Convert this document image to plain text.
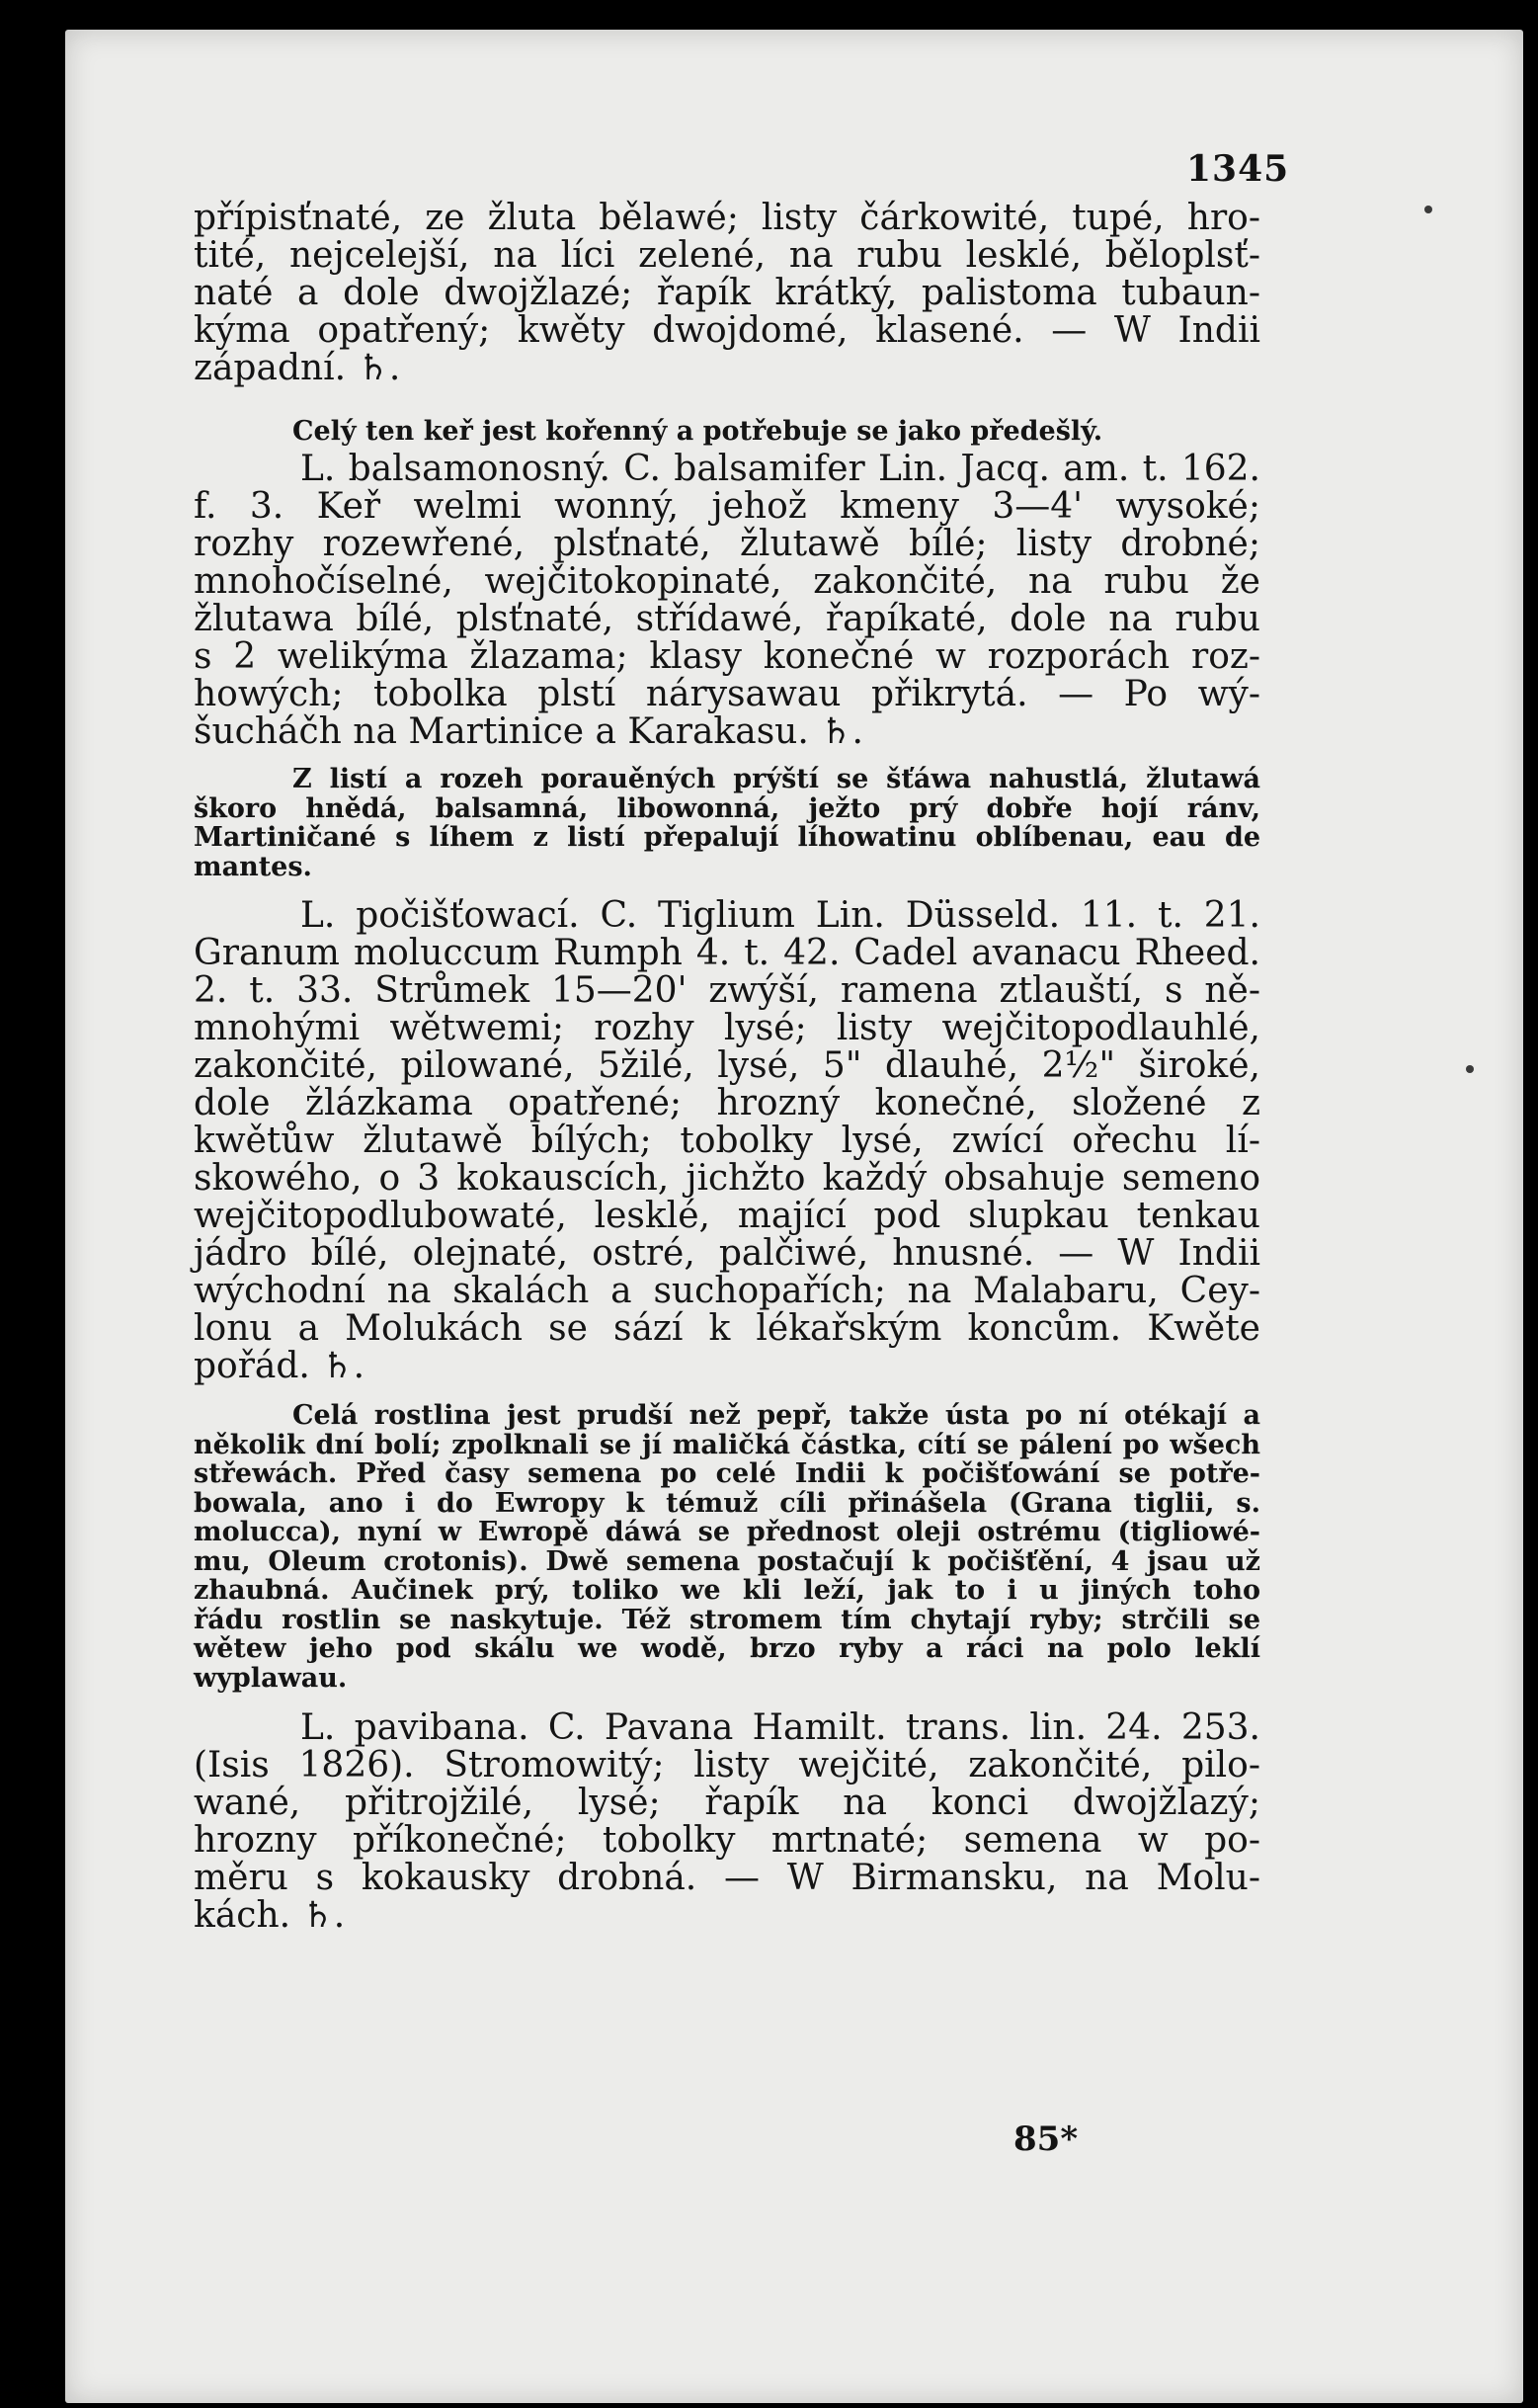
1345
přípisťnaté, ze žluta bělawé; listy čárkowité, tupé, hro-
tité, nejcelejší, na líci zelené, na rubu lesklé, běloplsť-
naté a dole dwojžlazé; řapík krátký, palistoma tubaun-
kýma opatřený; kwěty dwojdomé, klasené. — W Indii
západní. ♄.
Celý ten keř jest kořenný a potřebuje se jako předešlý.
L. balsamonosný. C. balsamifer Lin. Jacq. am. t. 162.
f. 3. Keř welmi wonný, jehož kmeny 3—4' wysoké;
rozhy rozewřené, plsťnaté, žlutawě bílé; listy drobné;
mnohočíselné, wejčitokopinaté, zakončité, na rubu že
žlutawa bílé, plsťnaté, střídawé, řapíkaté, dole na rubu
s 2 welikýma žlazama; klasy konečné w rozporách roz-
howých; tobolka plstí nárysawau přikrytá. — Po wý-
šucháčh na Martinice a Karakasu. ♄.
Z listí a rozeh porauěných prýští se šťáwa nahustlá, žlutawá
škoro hnědá, balsamná, libowonná, ježto prý dobře hojí ránv,
Martiničané s líhem z listí přepalují líhowatinu oblíbenau, eau de
mantes.
L. počišťowací. C. Tiglium Lin. Düsseld. 11. t. 21.
Granum moluccum Rumph 4. t. 42. Cadel avanacu Rheed.
2. t. 33. Strůmek 15—20' zwýší, ramena ztlauští, s ně-
mnohými wětwemi; rozhy lysé; listy wejčitopodlauhlé,
zakončité, pilowané, 5žilé, lysé, 5" dlauhé, 2½" široké,
dole žlázkama opatřené; hrozný konečné, složené z
kwětůw žlutawě bílých; tobolky lysé, zwící ořechu lí-
skowého, o 3 kokauscích, jichžto každý obsahuje semeno
wejčitopodlubowaté, lesklé, mající pod slupkau tenkau
jádro bílé, olejnaté, ostré, palčiwé, hnusné. — W Indii
wýchodní na skalách a suchopařích; na Malabaru, Cey-
lonu a Molukách se sází k lékařským koncům. Kwěte
pořád. ♄.
Celá rostlina jest prudší než pepř, takže ústa po ní otékají a
několik dní bolí; zpolknali se jí maličká částka, cítí se pálení po wšech
střewách. Před časy semena po celé Indii k počišťowání se potře-
bowala, ano i do Ewropy k témuž cíli přinášela (Grana tiglii, s.
moluccа), nyní w Ewropě dáwá se přednost oleji ostrému (tigliowé-
mu, Oleum crotonis). Dwě semena postačují k počišťění, 4 jsau už
zhaubná. Aučinek prý, toliko we kli leží, jak to i u jiných toho
řádu rostlin se naskytuje. Též stromem tím chytají ryby; strčili se
wětew jeho pod skálu we wodě, brzo ryby a ráci na polo leklí
wyplawau.
L. pavibana. C. Pavana Hamilt. trans. lin. 24. 253.
(Isis 1826). Stromowitý; listy wejčité, zakončité, pilo-
wané, přitrojžilé, lysé; řapík na konci dwojžlazý;
hrozny příkonečné; tobolky mrtnaté; semena w po-
měru s kokausky drobná. — W Birmansku, na Molu-
kách. ♄.
85*
